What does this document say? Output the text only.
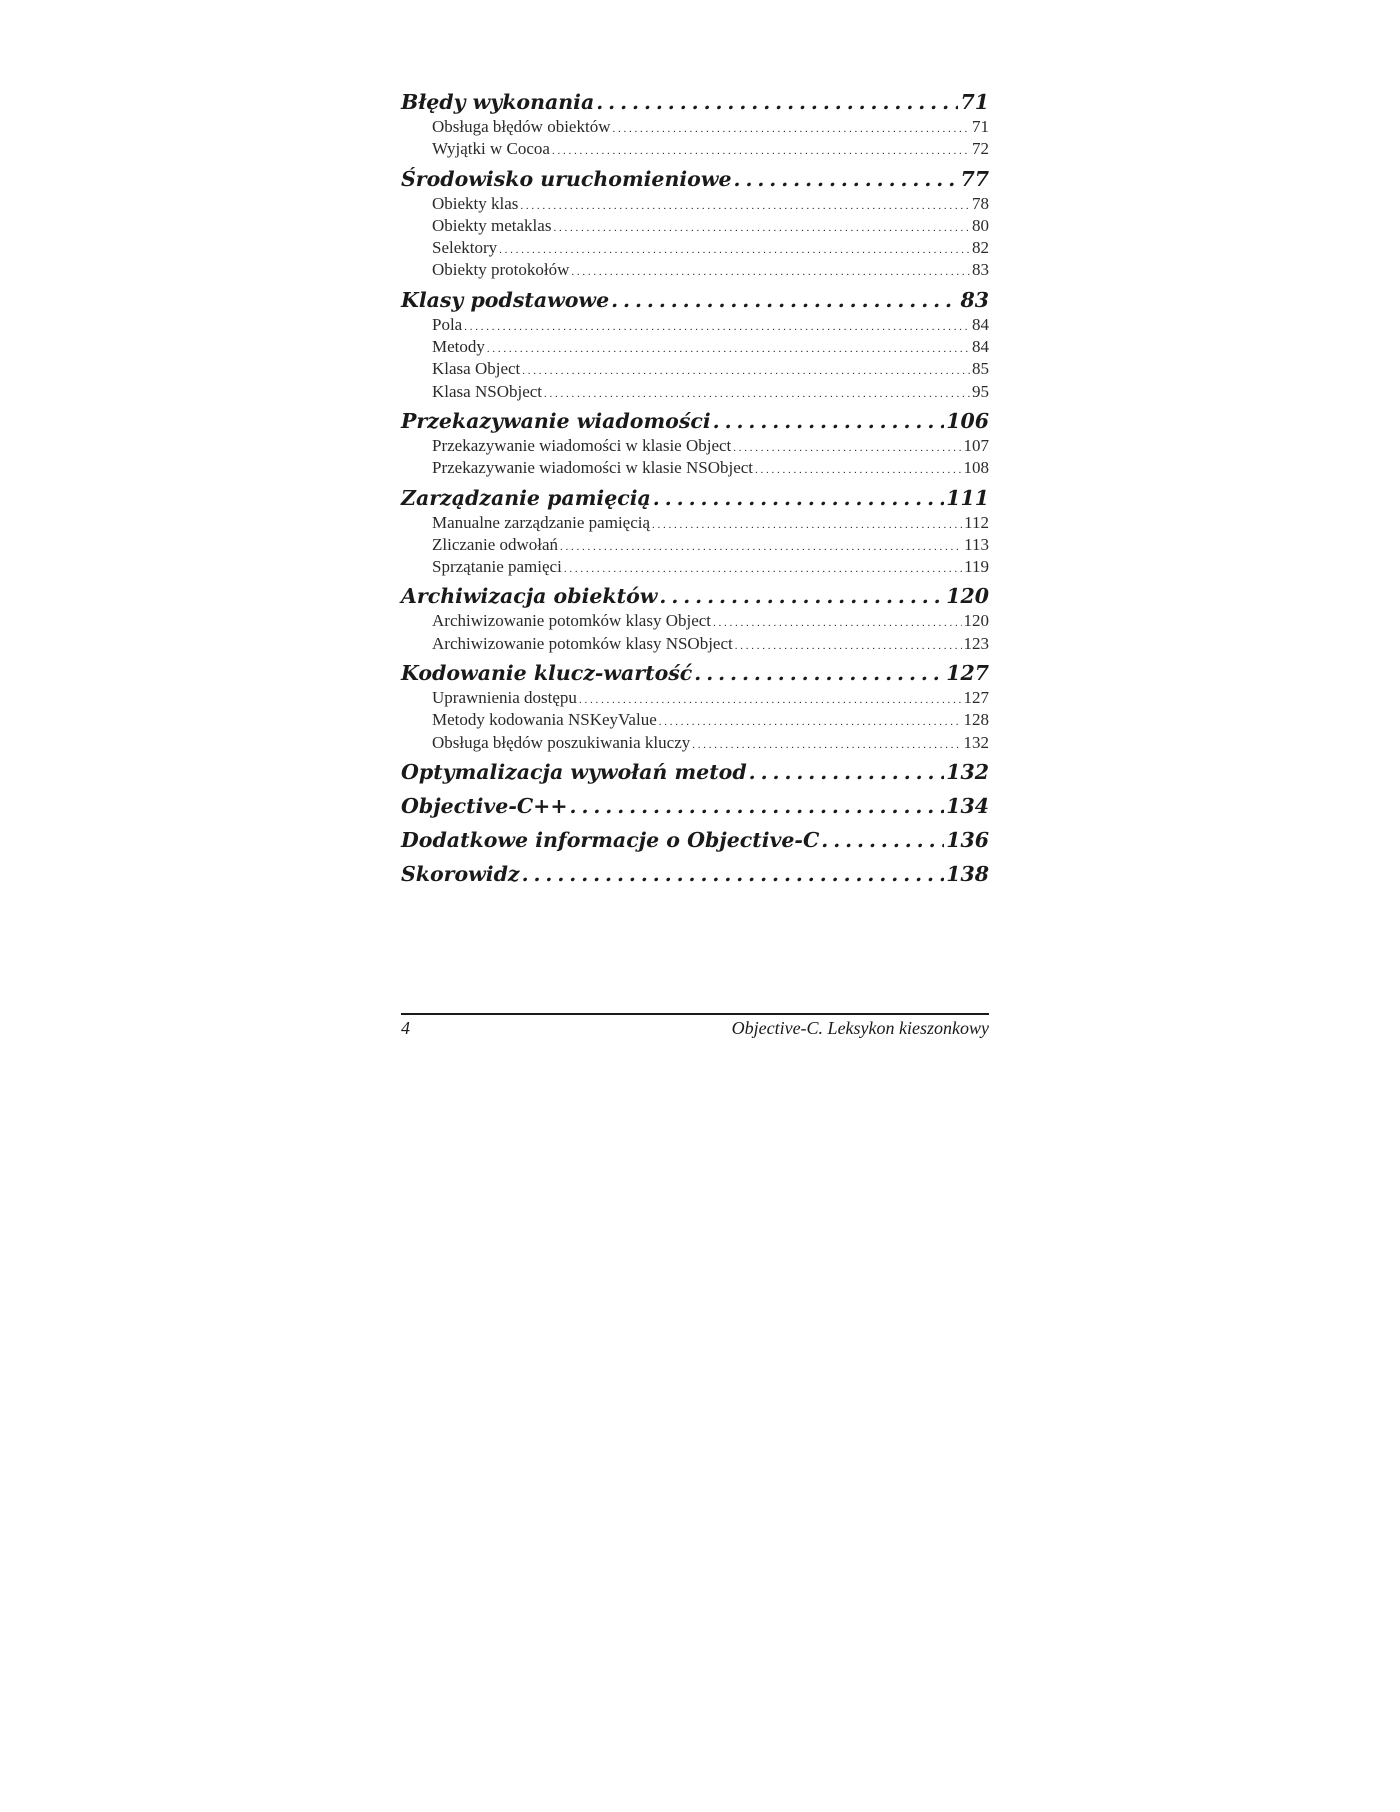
Błędy wykonania . . .	71
Obsługa błędów obiektów . . .	71
Wyjątki w Cocoa . . .	72
Środowisko uruchomieniowe . . .	77
Obiekty klas . . .	78
Obiekty metaklas . . .	80
Selektory . . .	82
Obiekty protokołów . . .	83
Klasy podstawowe . . .	83
Pola . . .	84
Metody . . .	84
Klasa Object . . .	85
Klasa NSObject . . .	95
Przekazywanie wiadomości . . .	106
Przekazywanie wiadomości w klasie Object . . .	107
Przekazywanie wiadomości w klasie NSObject . . .	108
Zarządzanie pamięcią . . .	111
Manualne zarządzanie pamięcią . . .	112
Zliczanie odwołań . . .	113
Sprzątanie pamięci . . .	119
Archiwizacja obiektów . . .	120
Archiwizowanie potomków klasy Object . . .	120
Archiwizowanie potomków klasy NSObject . . .	123
Kodowanie klucz-wartość . . .	127
Uprawnienia dostępu . . .	127
Metody kodowania NSKeyValue . . .	128
Obsługa błędów poszukiwania kluczy . . .	132
Optymalizacja wywołań metod . . .	132
Objective-C++ . . .	134
Dodatkowe informacje o Objective-C . . .	136
Skorowidz . . .	138
4	Objective-C. Leksykon kieszonkowy
